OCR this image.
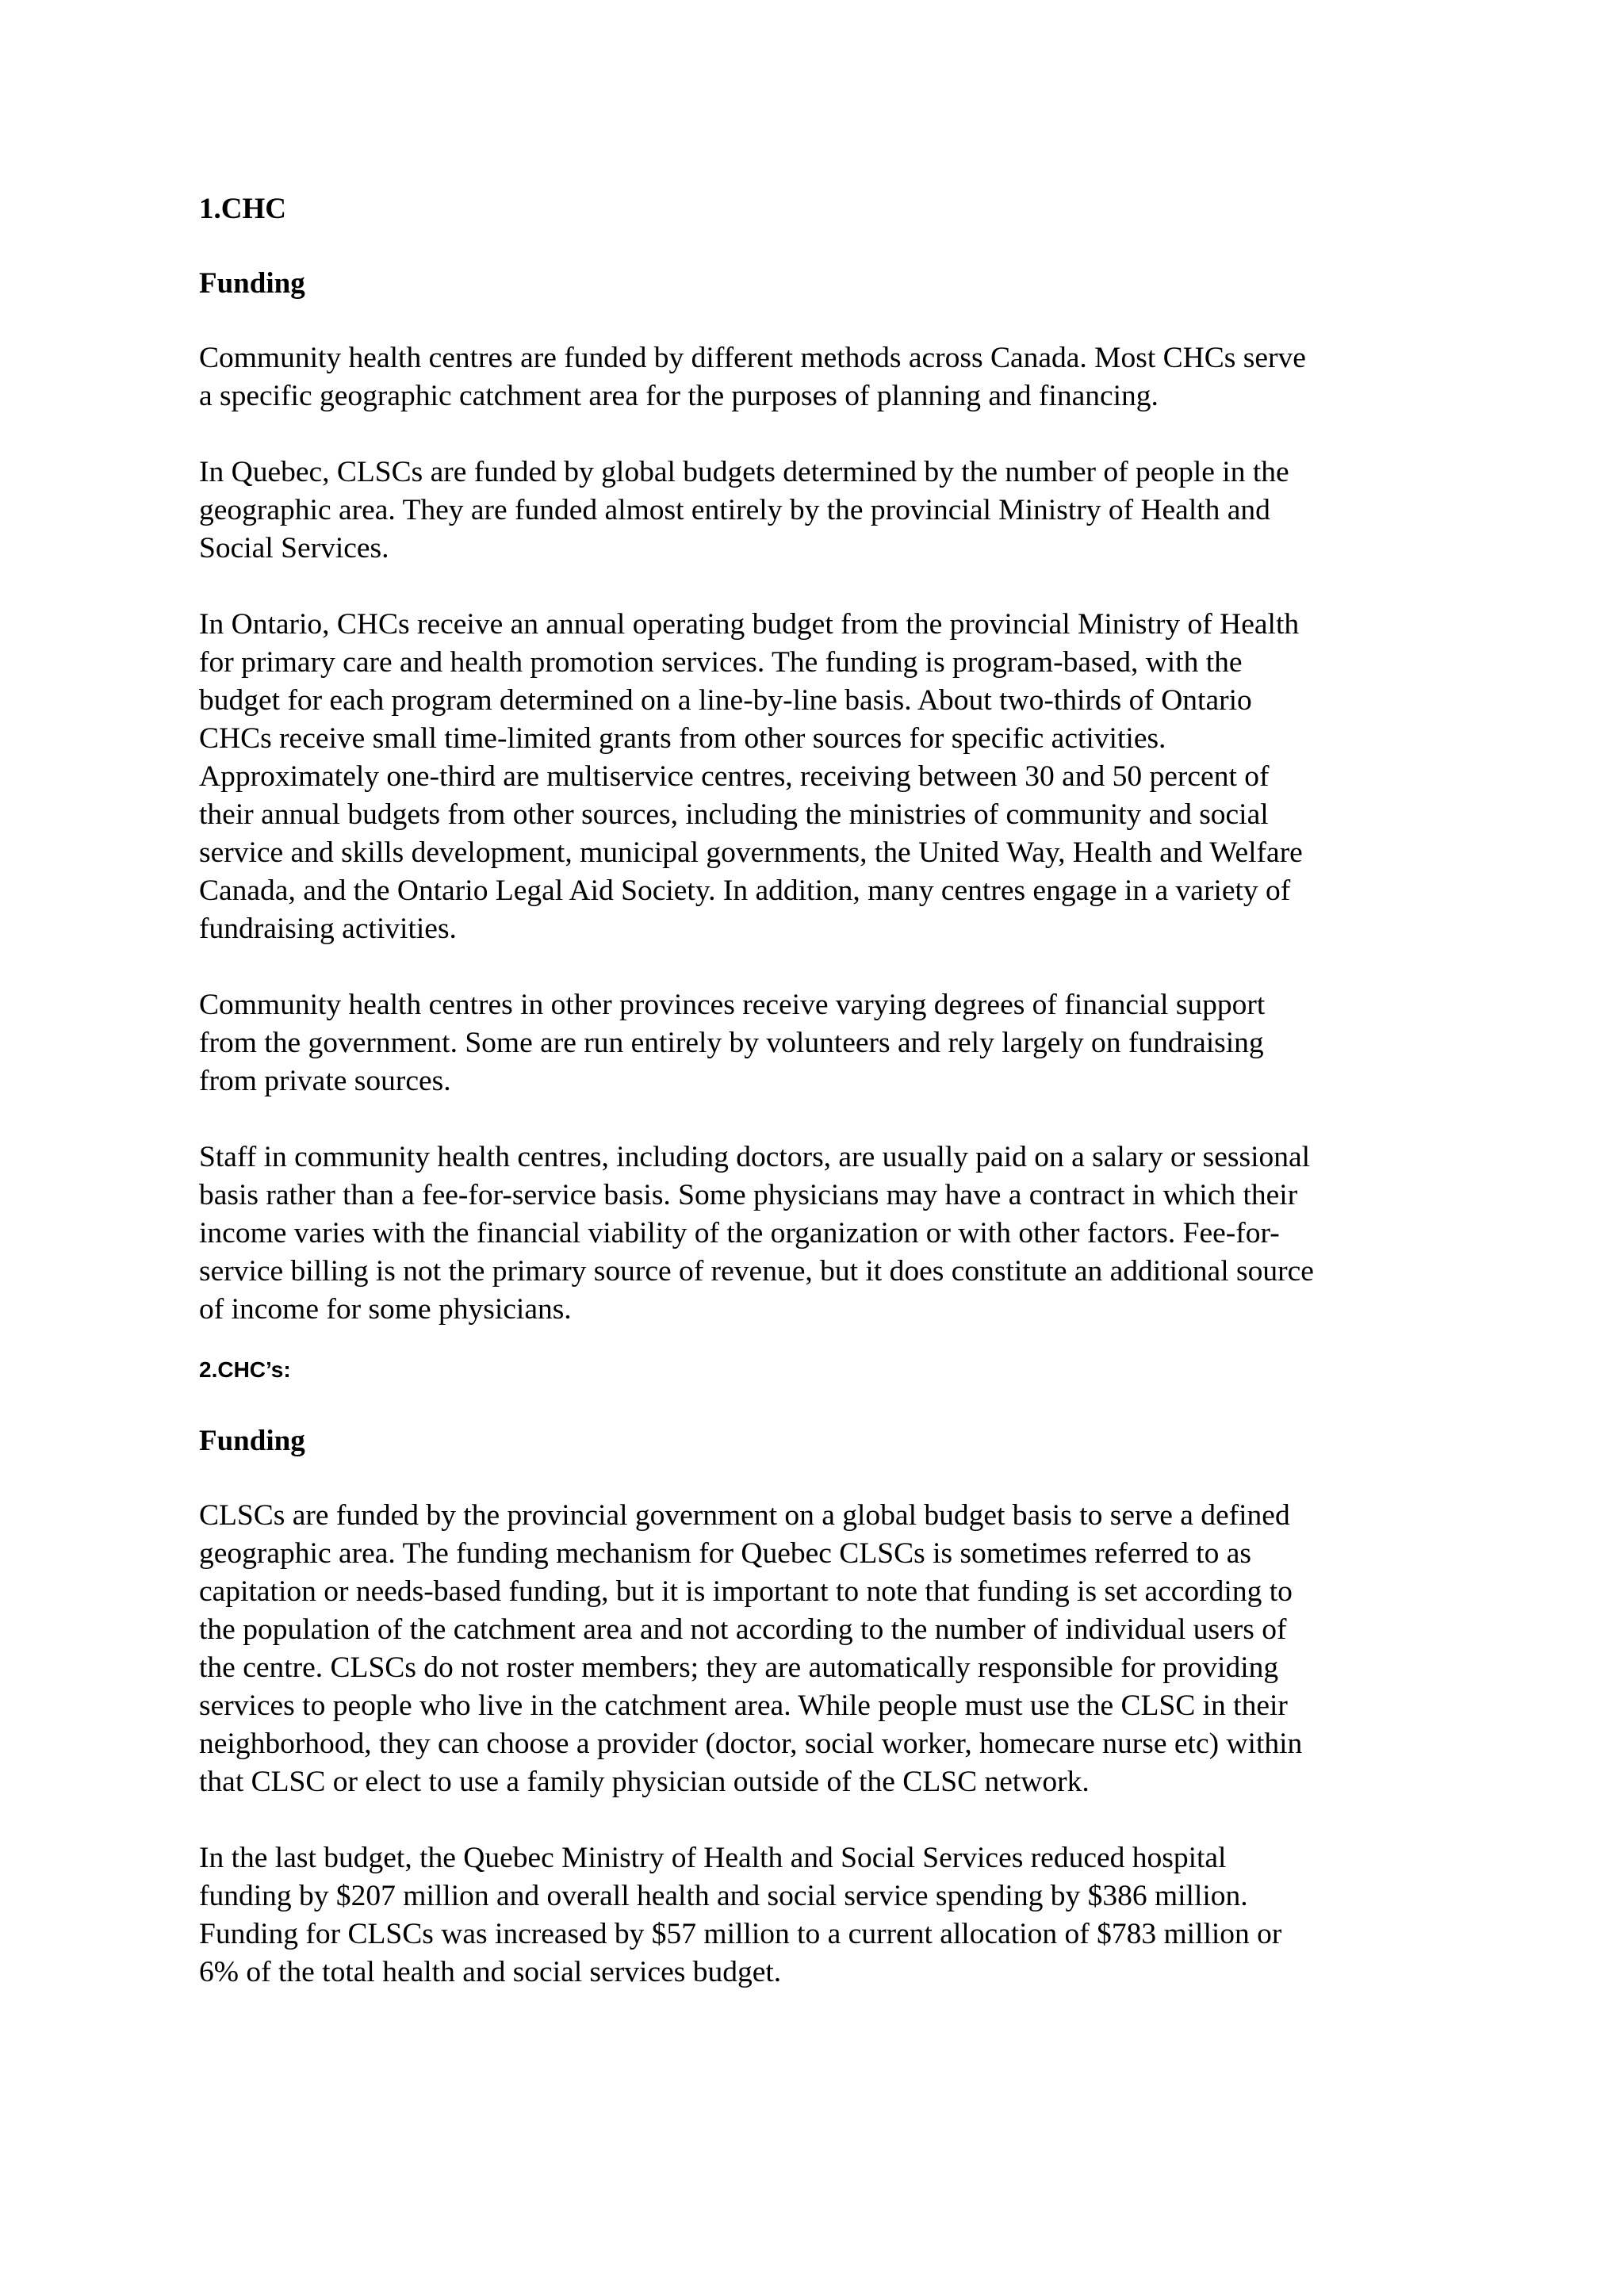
1.CHC
Funding
Community health centres are funded by different methods across Canada. Most CHCs serve
a specific geographic catchment area for the purposes of planning and financing.
In Quebec, CLSCs are funded by global budgets determined by the number of people in the
geographic area. They are funded almost entirely by the provincial Ministry of Health and
Social Services.
In Ontario, CHCs receive an annual operating budget from the provincial Ministry of Health
for primary care and health promotion services. The funding is program-based, with the
budget for each program determined on a line-by-line basis. About two-thirds of Ontario
CHCs receive small time-limited grants from other sources for specific activities.
Approximately one-third are multiservice centres, receiving between 30 and 50 percent of
their annual budgets from other sources, including the ministries of community and social
service and skills development, municipal governments, the United Way, Health and Welfare
Canada, and the Ontario Legal Aid Society. In addition, many centres engage in a variety of
fundraising activities.
Community health centres in other provinces receive varying degrees of financial support
from the government. Some are run entirely by volunteers and rely largely on fundraising
from private sources.
Staff in community health centres, including doctors, are usually paid on a salary or sessional
basis rather than a fee-for-service basis. Some physicians may have a contract in which their
income varies with the financial viability of the organization or with other factors. Fee-for-
service billing is not the primary source of revenue, but it does constitute an additional source
of income for some physicians.
2.CHC’s:
Funding
CLSCs are funded by the provincial government on a global budget basis to serve a defined
geographic area. The funding mechanism for Quebec CLSCs is sometimes referred to as
capitation or needs-based funding, but it is important to note that funding is set according to
the population of the catchment area and not according to the number of individual users of
the centre. CLSCs do not roster members; they are automatically responsible for providing
services to people who live in the catchment area. While people must use the CLSC in their
neighborhood, they can choose a provider (doctor, social worker, homecare nurse etc) within
that CLSC or elect to use a family physician outside of the CLSC network.
In the last budget, the Quebec Ministry of Health and Social Services reduced hospital
funding by $207 million and overall health and social service spending by $386 million.
Funding for CLSCs was increased by $57 million to a current allocation of $783 million or
6% of the total health and social services budget.
